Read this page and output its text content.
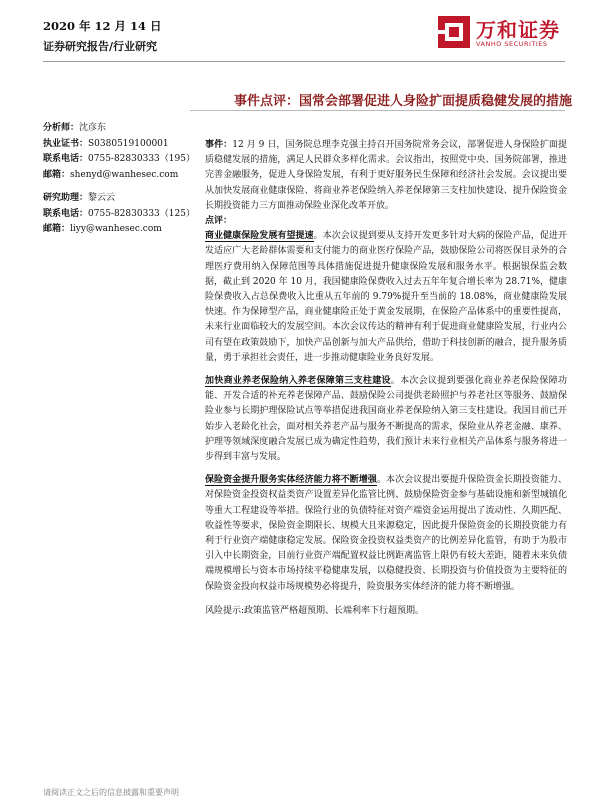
2020 年 12 月 14 日
证券研究报告/行业研究
万和证券
VANHO SECURITIES
事件点评：国常会部署促进人身险扩面提质稳健发展的措施
分析师：沈彦东
执业证书：S0380519100001
联系电话：0755-82830333（195）
邮箱：shenyd@wanhesec.com
研究助理：黎云云
联系电话：0755-82830333（125）
邮箱：liyy@wanhesec.com

事件：12 月 9 日，国务院总理李克强主持召开国务院常务会议，部署促进人身保险扩面提质稳健发展的措施，满足人民群众多样化需求。会议指出，按照党中央、国务院部署，推进完善金融服务，促进人身保险发展，有利于更好服务民生保障和经济社会发展。会议提出要从加快发展商业健康保险、将商业养老保险纳入养老保障第三支柱加快建设、提升保险资金长期投资能力三方面推动保险业深化改革开放。

点评：

商业健康保险发展有望提速。本次会议提到要从支持开发更多针对大病的保险产品，促进开发适应广大老龄群体需要和支付能力的商业医疗保险产品，鼓励保险公司将医保目录外的合理医疗费用纳入保障范围等具体措施促进提升健康保险发展和服务水平。根据银保监会数据，截止到 2020 年 10 月，我国健康险保费收入过去五年年复合增长率为 28.71%，健康险保费收入占总保费收入比重从五年前的 9.79%提升至当前的 18.08%，商业健康险发展快速。作为保障型产品，商业健康险正处于黄金发展期，在保险产品体系中的重要性提高，未来行业面临较大的发展空间。本次会议传达的精神有利于促进商业健康险发展，行业内公司有望在政策鼓励下，加快产品创新与加大产品供给，借助于科技创新的融合，提升服务质量，勇于承担社会责任，进一步推动健康险业务良好发展。

加快商业养老保险纳入养老保障第三支柱建设。本次会议提到要强化商业养老保险保障功能、开发合适的补充养老保障产品、鼓励保险公司提供老龄照护与养老社区等服务、鼓励保险业参与长期护理保险试点等举措促进我国商业养老保险纳入第三支柱建设。我国目前已开始步入老龄化社会，面对相关养老产品与服务不断提高的需求，保险业从养老金融、康养、护理等领域深度融合发展已成为确定性趋势，我们预计未来行业相关产品体系与服务将进一步得到丰富与发展。

保险资金提升服务实体经济能力将不断增强。本次会议提出要提升保险资金长期投资能力、对保险资金投资权益类资产设置差异化监管比例、鼓励保险资金参与基础设施和新型城镇化等重大工程建设等举措。保险行业的负债特征对资产端资金运用提出了流动性、久期匹配、收益性等要求，保险资金期限长、规模大且来源稳定，因此提升保险资金的长期投资能力有利于行业资产端健康稳定发展。保险资金投资权益类资产的比例差异化监管，有助于为股市引入中长期资金，目前行业资产端配置权益比例距离监管上限仍有较大差距，随着未来负债端规模增长与资本市场持续平稳健康发展，以稳健投资、长期投资与价值投资为主要特征的保险资金投向权益市场规模势必将提升，险资服务实体经济的能力将不断增强。

风险提示:政策监管严格超预期、长端利率下行超预期。

请阅读正文之后的信息披露和重要声明
